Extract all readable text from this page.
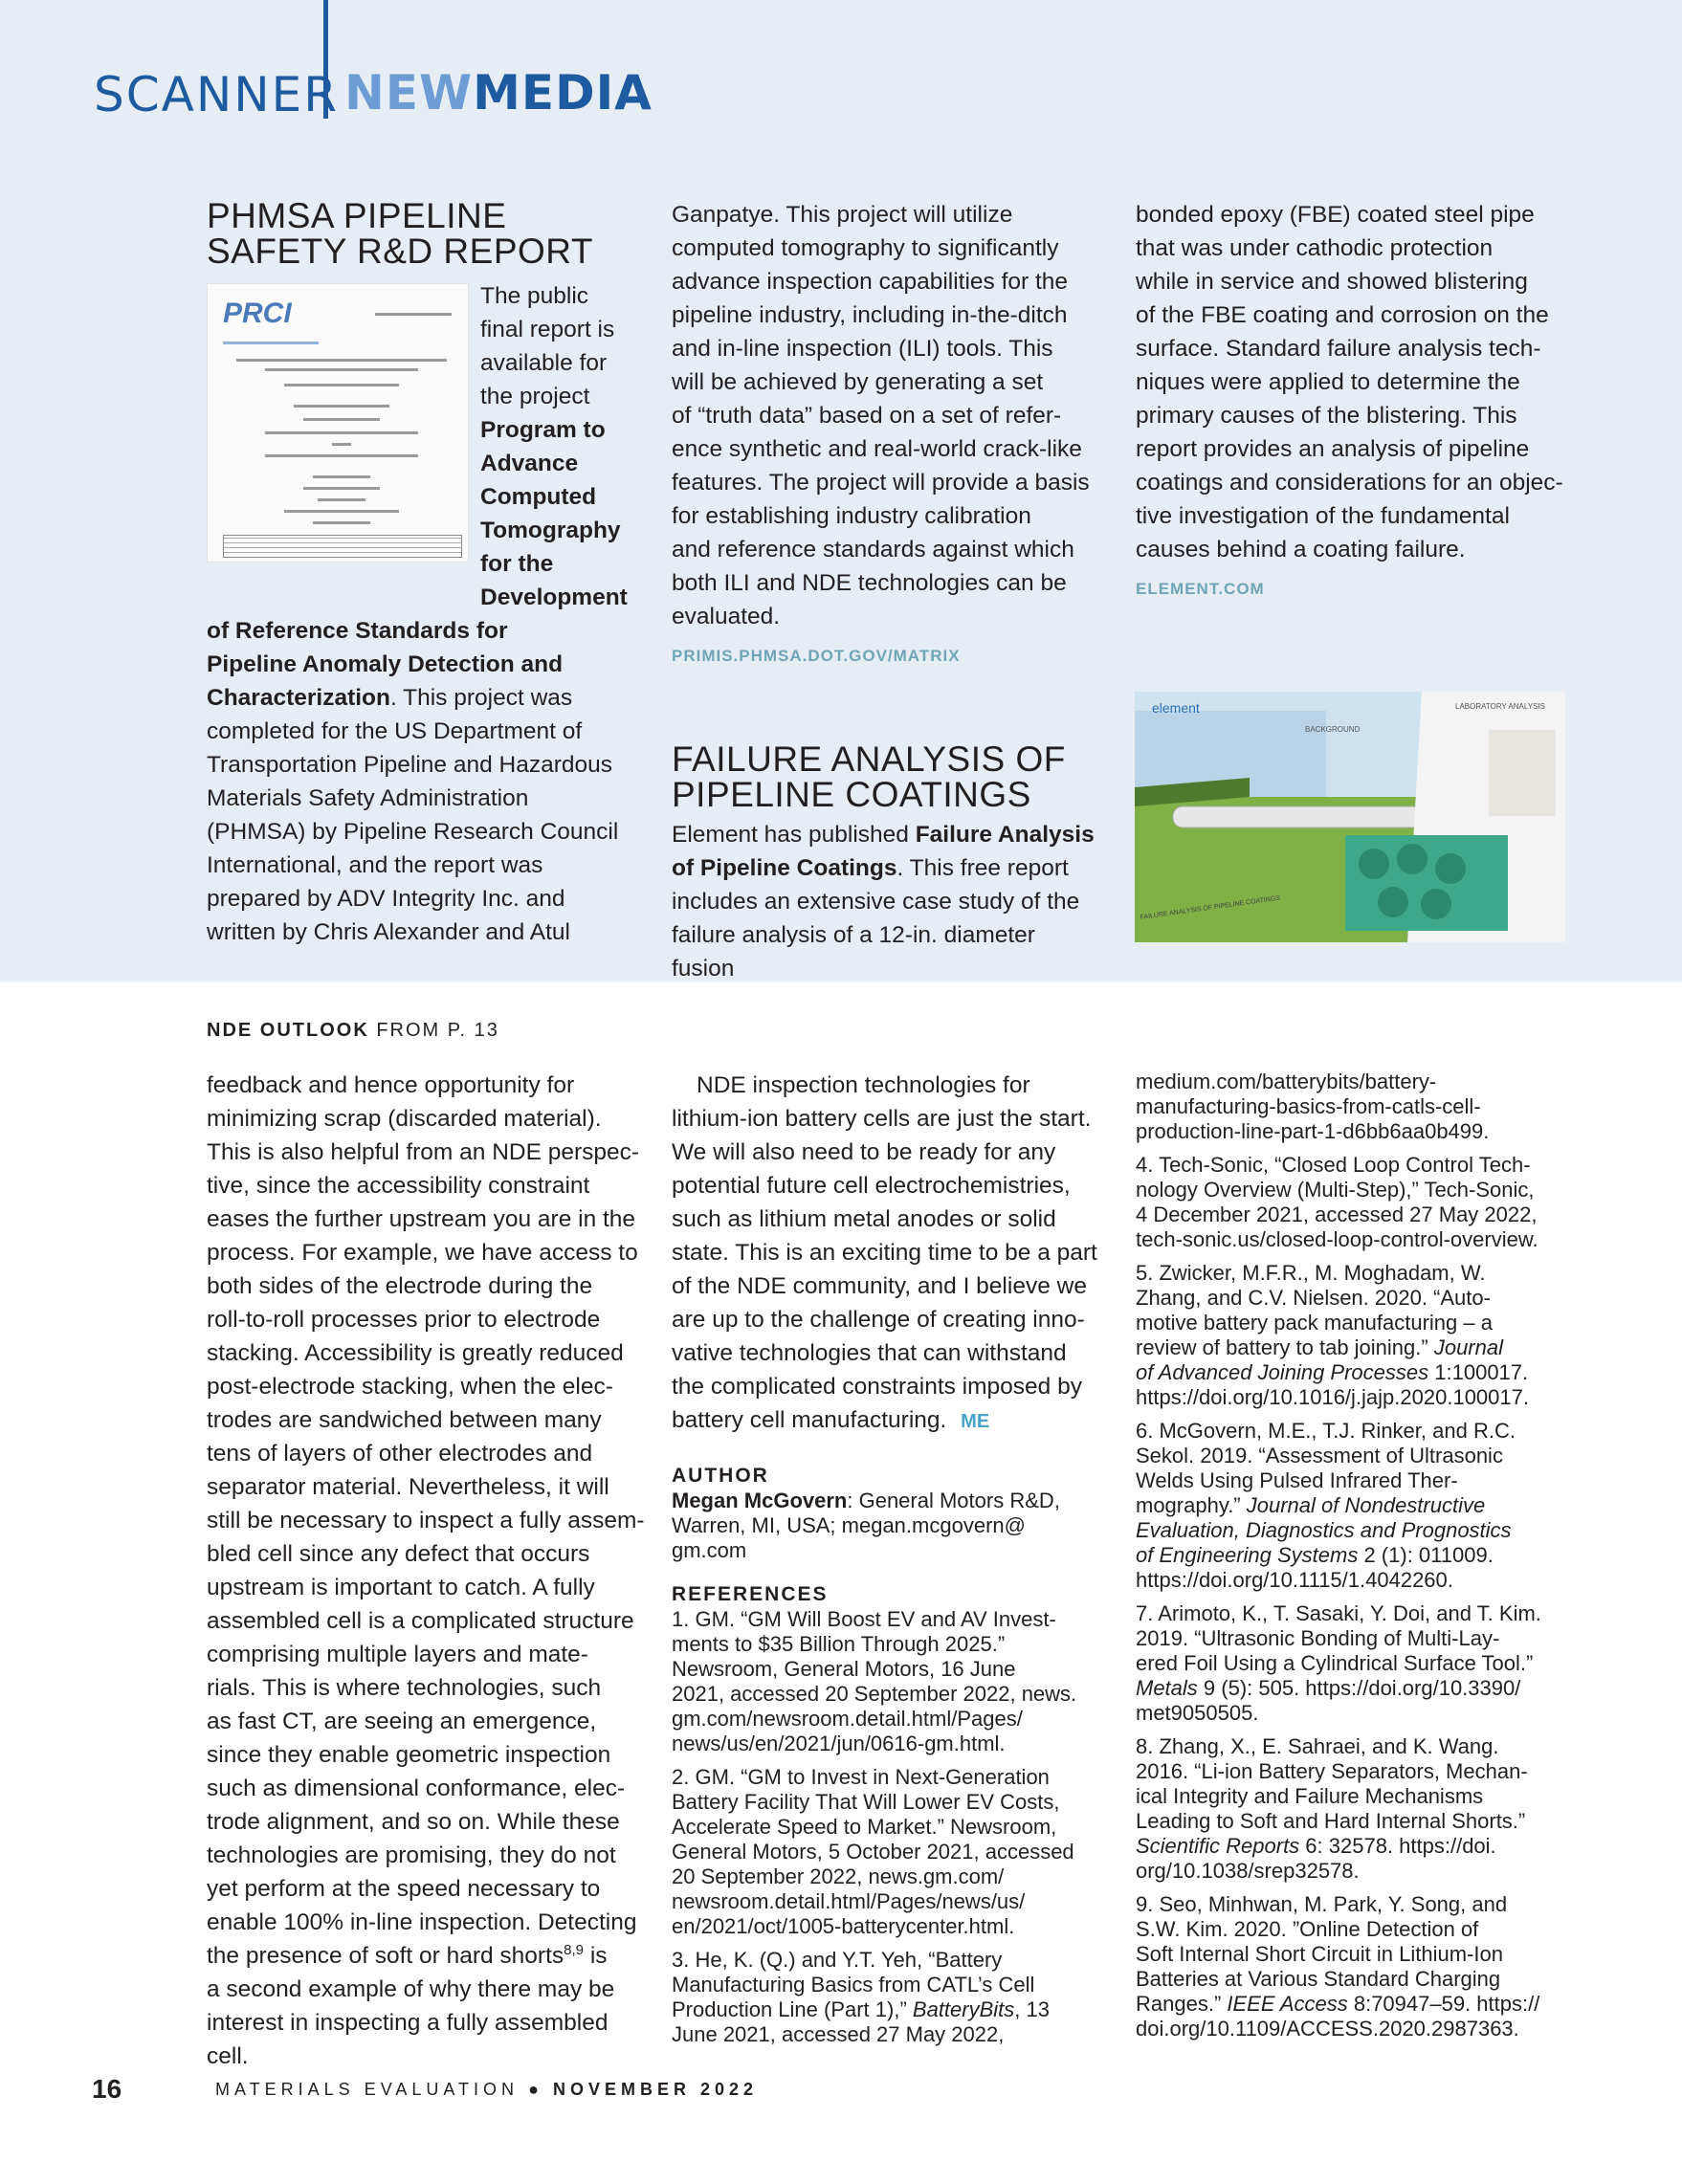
SCANNER NEWMEDIA
PHMSA PIPELINE
SAFETY R&D REPORT
The public
final report is
available for
the project
Program to
Advance
Computed
Tomography
for the
Development
of Reference Standards for
Pipeline Anomaly Detection and
Characterization. This project was
completed for the US Department of
Transportation Pipeline and Hazardous
Materials Safety Administration
(PHMSA) by Pipeline Research Council
International, and the report was
prepared by ADV Integrity Inc. and
written by Chris Alexander and Atul
PRCI
Ganpatye. This project will utilize
computed tomography to significantly
advance inspection capabilities for the
pipeline industry, including in-the-ditch
and in-line inspection (ILI) tools. This
will be achieved by generating a set
of “truth data” based on a set of refer-
ence synthetic and real-world crack-like
features. The project will provide a basis
for establishing industry calibration
and reference standards against which
both ILI and NDE technologies can be
evaluated.
PRIMIS.PHMSA.DOT.GOV/MATRIX
FAILURE ANALYSIS OF
PIPELINE COATINGS
Element has published Failure Analysis
of Pipeline Coatings. This free report
includes an extensive case study of the
failure analysis of a 12-in. diameter fusion
bonded epoxy (FBE) coated steel pipe
that was under cathodic protection
while in service and showed blistering
of the FBE coating and corrosion on the
surface. Standard failure analysis tech-
niques were applied to determine the
primary causes of the blistering. This
report provides an analysis of pipeline
coatings and considerations for an objec-
tive investigation of the fundamental
causes behind a coating failure.
ELEMENT.COM
element
BACKGROUND
LABORATORY ANALYSIS
FAILURE ANALYSIS OF PIPELINE COATINGS
NDE OUTLOOK FROM P. 13
feedback and hence opportunity for
minimizing scrap (discarded material).
This is also helpful from an NDE perspec-
tive, since the accessibility constraint
eases the further upstream you are in the
process. For example, we have access to
both sides of the electrode during the
roll-to-roll processes prior to electrode
stacking. Accessibility is greatly reduced
post-electrode stacking, when the elec-
trodes are sandwiched between many
tens of layers of other electrodes and
separator material. Nevertheless, it will
still be necessary to inspect a fully assem-
bled cell since any defect that occurs
upstream is important to catch. A fully
assembled cell is a complicated structure
comprising multiple layers and mate-
rials. This is where technologies, such
as fast CT, are seeing an emergence,
since they enable geometric inspection
such as dimensional conformance, elec-
trode alignment, and so on. While these
technologies are promising, they do not
yet perform at the speed necessary to
enable 100% in-line inspection. Detecting
the presence of soft or hard shorts$^{8,9}$ is
a second example of why there may be
interest in inspecting a fully assembled
cell.
NDE inspection technologies for
lithium-ion battery cells are just the start.
We will also need to be ready for any
potential future cell electrochemistries,
such as lithium metal anodes or solid
state. This is an exciting time to be a part
of the NDE community, and I believe we
are up to the challenge of creating inno-
vative technologies that can withstand
the complicated constraints imposed by
battery cell manufacturing. ME
AUTHOR
Megan McGovern: General Motors R&D,
Warren, MI, USA; megan.mcgovern@
gm.com
REFERENCES
1. GM. “GM Will Boost EV and AV Invest-
ments to $35 Billion Through 2025.”
Newsroom, General Motors, 16 June
2021, accessed 20 September 2022, news.
gm.com/newsroom.detail.html/Pages/
news/us/en/2021/jun/0616-gm.html.
2. GM. “GM to Invest in Next-Generation
Battery Facility That Will Lower EV Costs,
Accelerate Speed to Market.” Newsroom,
General Motors, 5 October 2021, accessed
20 September 2022, news.gm.com/
newsroom.detail.html/Pages/news/us/
en/2021/oct/1005-batterycenter.html.
3. He, K. (Q.) and Y.T. Yeh, “Battery
Manufacturing Basics from CATL’s Cell
Production Line (Part 1),” BatteryBits, 13
June 2021, accessed 27 May 2022,
medium.com/batterybits/battery-
manufacturing-basics-from-catls-cell-
production-line-part-1-d6bb6aa0b499.
4. Tech-Sonic, “Closed Loop Control Tech-
nology Overview (Multi-Step),” Tech-Sonic,
4 December 2021, accessed 27 May 2022,
tech-sonic.us/closed-loop-control-overview.
5. Zwicker, M.F.R., M. Moghadam, W.
Zhang, and C.V. Nielsen. 2020. “Auto-
motive battery pack manufacturing – a
review of battery to tab joining.” Journal
of Advanced Joining Processes 1:100017.
https://doi.org/10.1016/j.jajp.2020.100017.
6. McGovern, M.E., T.J. Rinker, and R.C.
Sekol. 2019. “Assessment of Ultrasonic
Welds Using Pulsed Infrared Ther-
mography.” Journal of Nondestructive
Evaluation, Diagnostics and Prognostics
of Engineering Systems 2 (1): 011009.
https://doi.org/10.1115/1.4042260.
7. Arimoto, K., T. Sasaki, Y. Doi, and T. Kim.
2019. “Ultrasonic Bonding of Multi-Lay-
ered Foil Using a Cylindrical Surface Tool.”
Metals 9 (5): 505. https://doi.org/10.3390/
met9050505.
8. Zhang, X., E. Sahraei, and K. Wang.
2016. “Li-ion Battery Separators, Mechan-
ical Integrity and Failure Mechanisms
Leading to Soft and Hard Internal Shorts.”
Scientific Reports 6: 32578. https://doi.
org/10.1038/srep32578.
9. Seo, Minhwan, M. Park, Y. Song, and
S.W. Kim. 2020. ”Online Detection of
Soft Internal Short Circuit in Lithium-Ion
Batteries at Various Standard Charging
Ranges.” IEEE Access 8:70947–59. https://
doi.org/10.1109/ACCESS.2020.2987363.
16	MATERIALS EVALUATION ● NOVEMBER 2022
